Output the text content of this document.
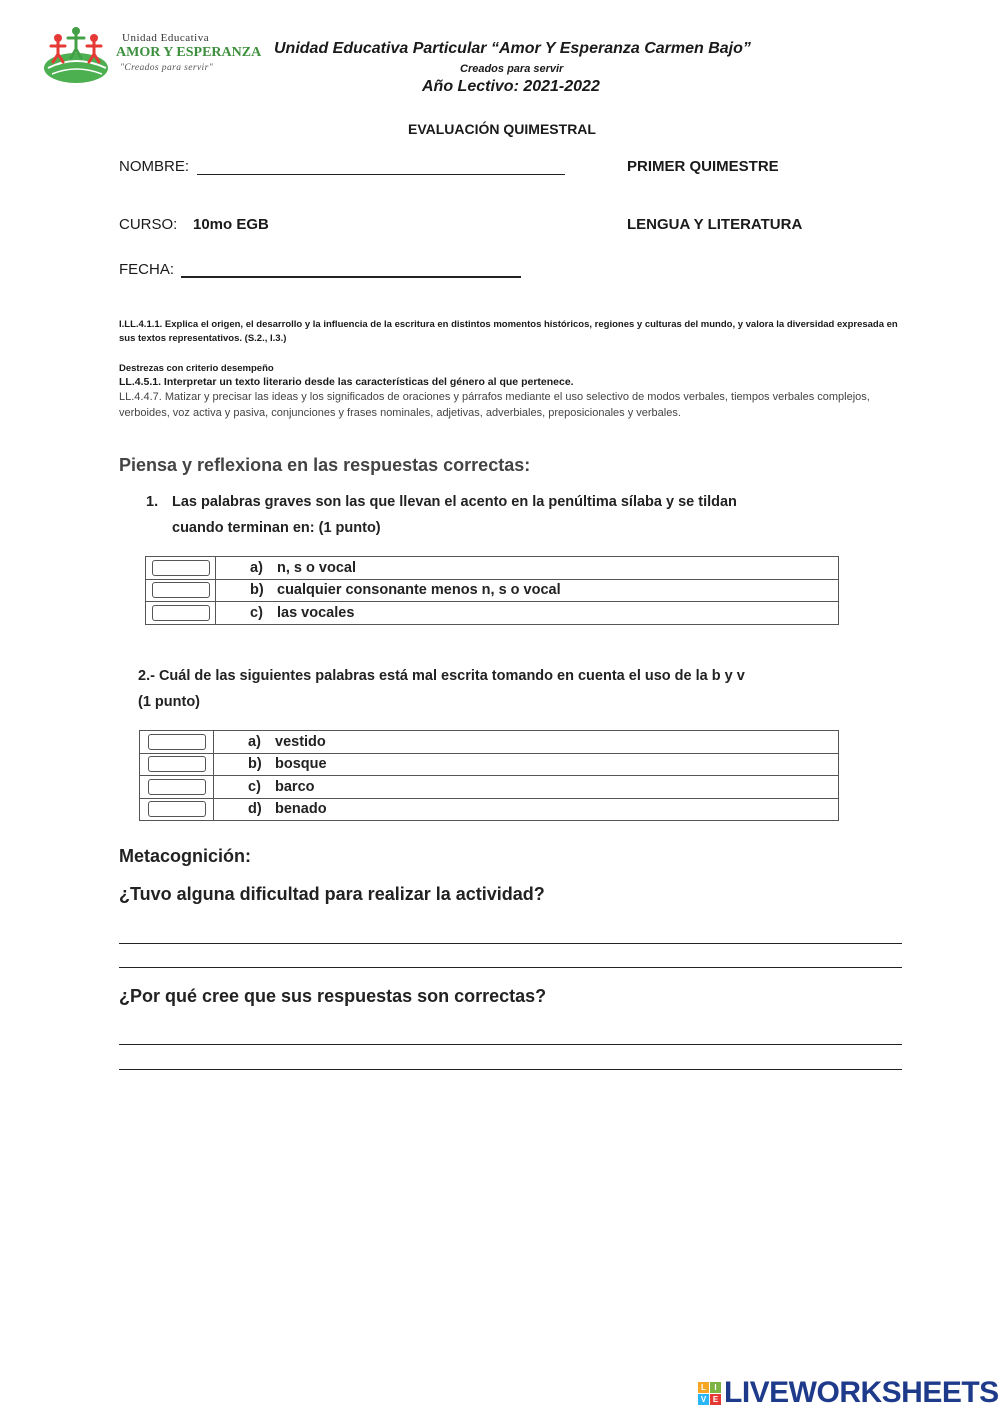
Unidad Educativa
AMOR Y ESPERANZA
"Creados para servir"
Unidad Educativa Particular “Amor Y Esperanza Carmen Bajo”
Creados para servir
Año Lectivo: 2021-2022
EVALUACIÓN QUIMESTRAL
NOMBRE:	PRIMER QUIMESTRE
CURSO: 10mo EGB	LENGUA Y LITERATURA
FECHA:
I.LL.4.1.1. Explica el origen, el desarrollo y la influencia de la escritura en distintos momentos históricos, regiones y culturas del mundo, y valora la diversidad expresada en sus textos representativos. (S.2., I.3.)
Destrezas con criterio desempeño
LL.4.5.1. Interpretar un texto literario desde las características del género al que pertenece.
LL.4.4.7. Matizar y precisar las ideas y los significados de oraciones y párrafos mediante el uso selectivo de modos verbales, tiempos verbales complejos, verboides, voz activa y pasiva, conjunciones y frases nominales, adjetivas, adverbiales, preposicionales y verbales.
Piensa y reflexiona en las respuestas correctas:
1. Las palabras graves son las que llevan el acento en la penúltima sílaba y se tildan
cuando terminan en: (1 punto)
	a) n, s o vocal

	b) cualquier consonante menos n, s o vocal

	c) las vocales
2.- Cuál de las siguientes palabras está mal escrita tomando en cuenta el uso de la b y v
(1 punto)
	a) vestido

	b) bosque

	c) barco

	d) benado
Metacognición:
¿Tuvo alguna dificultad para realizar la actividad?
¿Por qué cree que sus respuestas son correctas?
L	I
V E LIVEWORKSHEETS
